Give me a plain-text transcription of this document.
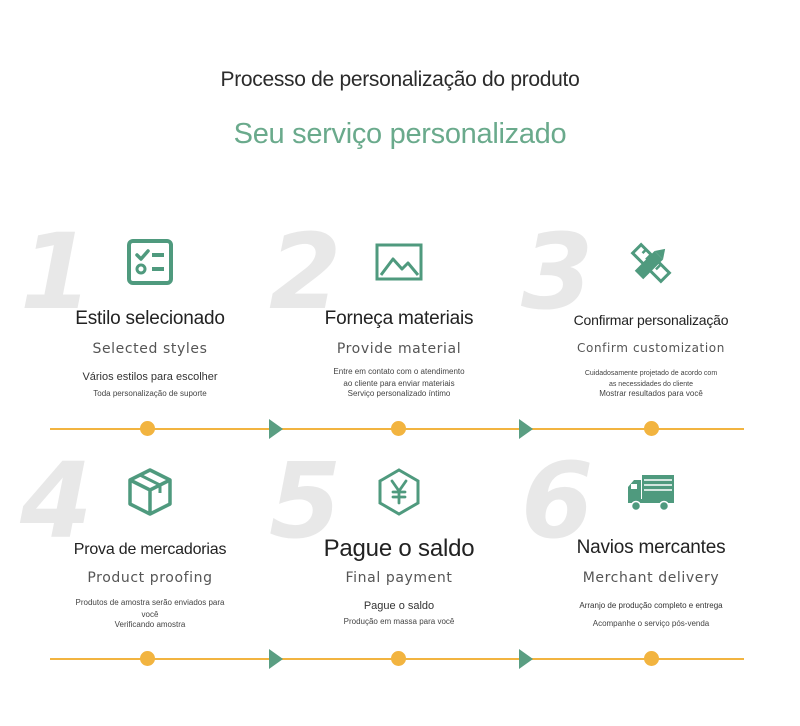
Processo de personalização do produto
Seu serviço personalizado
1
Estilo selecionado
Selected styles
Vários estilos para escolher
Toda personalização de suporte
2
Forneça materiais
Provide material
Entre em contato com o atendimento ao cliente para enviar materiais
Serviço personalizado íntimo
3
Confirmar personalização
Confirm customization
Cuidadosamente projetado de acordo com as necessidades do cliente
Mostrar resultados para você
4
Prova de mercadorias
Product proofing
Produtos de amostra serão enviados para você
Verificando amostra
5
Pague o saldo
Final payment
Pague o saldo
Produção em massa para você
6
Navios mercantes
Merchant delivery
Arranjo de produção completo e entrega
Acompanhe o serviço pós-venda
